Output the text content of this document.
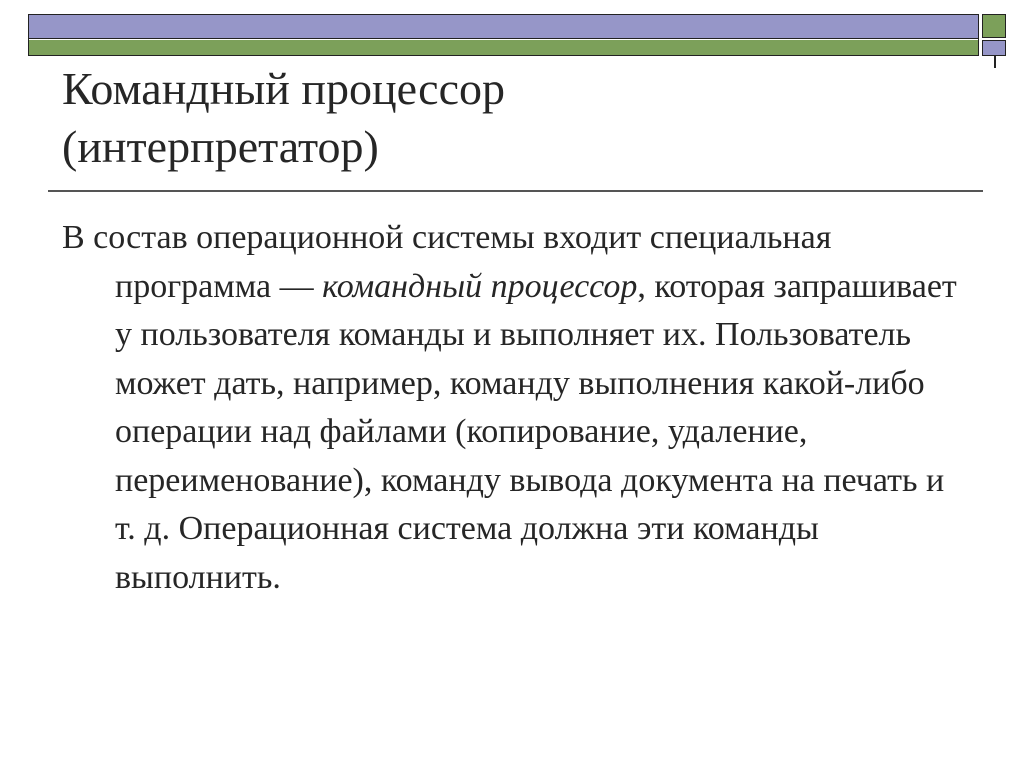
Командный процессор
(интерпретатор)

В состав операционной системы входит специальная программа — командный процессор, которая запрашивает у пользователя команды и выполняет их. Пользователь может дать, например, команду выполнения какой-либо операции над файлами (копирование, удаление, переименование), команду вывода документа на печать и т. д. Операционная система должна эти команды выполнить.
